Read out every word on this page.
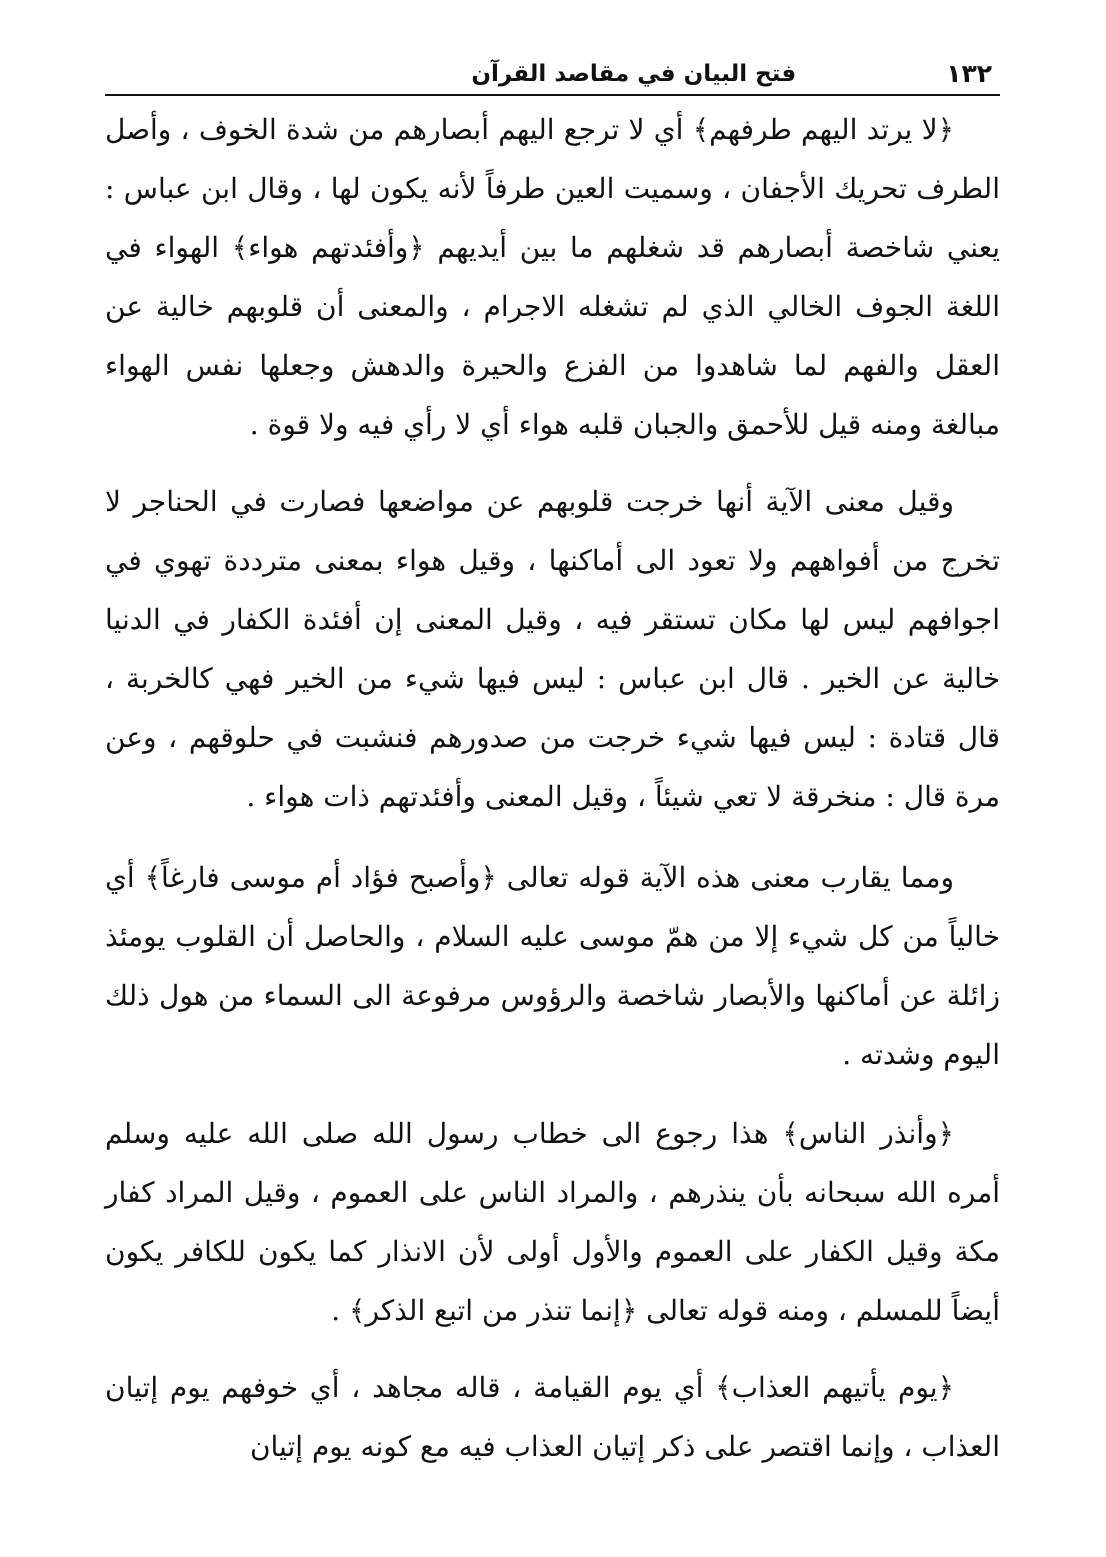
١٣٢
فتح البيان في مقاصد القرآن

﴿لا يرتد اليهم طرفهم﴾ أي لا ترجع اليهم أبصارهم من شدة الخوف ، وأصل الطرف تحريك الأجفان ، وسميت العين طرفاً لأنه يكون لها ، وقال ابن عباس : يعني شاخصة أبصارهم قد شغلهم ما بين أيديهم ﴿وأفئدتهم هواء﴾ الهواء في اللغة الجوف الخالي الذي لم تشغله الاجرام ، والمعنى أن قلوبهم خالية عن العقل والفهم لما شاهدوا من الفزع والحيرة والدهش وجعلها نفس الهواء مبالغة ومنه قيل للأحمق والجبان قلبه هواء أي لا رأي فيه ولا قوة .

وقيل معنى الآية أنها خرجت قلوبهم عن مواضعها فصارت في الحناجر لا تخرج من أفواههم ولا تعود الى أماكنها ، وقيل هواء بمعنى مترددة تهوي في اجوافهم ليس لها مكان تستقر فيه ، وقيل المعنى إن أفئدة الكفار في الدنيا خالية عن الخير . قال ابن عباس : ليس فيها شيء من الخير فهي كالخربة ، قال قتادة : ليس فيها شيء خرجت من صدورهم فنشبت في حلوقهم ، وعن مرة قال : منخرقة لا تعي شيئاً ، وقيل المعنى وأفئدتهم ذات هواء .

ومما يقارب معنى هذه الآية قوله تعالى ﴿وأصبح فؤاد أم موسى فارغاً﴾ أي خالياً من كل شيء إلا من همّ موسى عليه السلام ، والحاصل أن القلوب يومئذ زائلة عن أماكنها والأبصار شاخصة والرؤوس مرفوعة الى السماء من هول ذلك اليوم وشدته .

﴿وأنذر الناس﴾ هذا رجوع الى خطاب رسول الله صلى الله عليه وسلم أمره الله سبحانه بأن ينذرهم ، والمراد الناس على العموم ، وقيل المراد كفار مكة وقيل الكفار على العموم والأول أولى لأن الانذار كما يكون للكافر يكون أيضاً للمسلم ، ومنه قوله تعالى ﴿إنما تنذر من اتبع الذكر﴾ .

﴿يوم يأتيهم العذاب﴾ أي يوم القيامة ، قاله مجاهد ، أي خوفهم يوم إتيان العذاب ، وإنما اقتصر على ذكر إتيان العذاب فيه مع كونه يوم إتيان
